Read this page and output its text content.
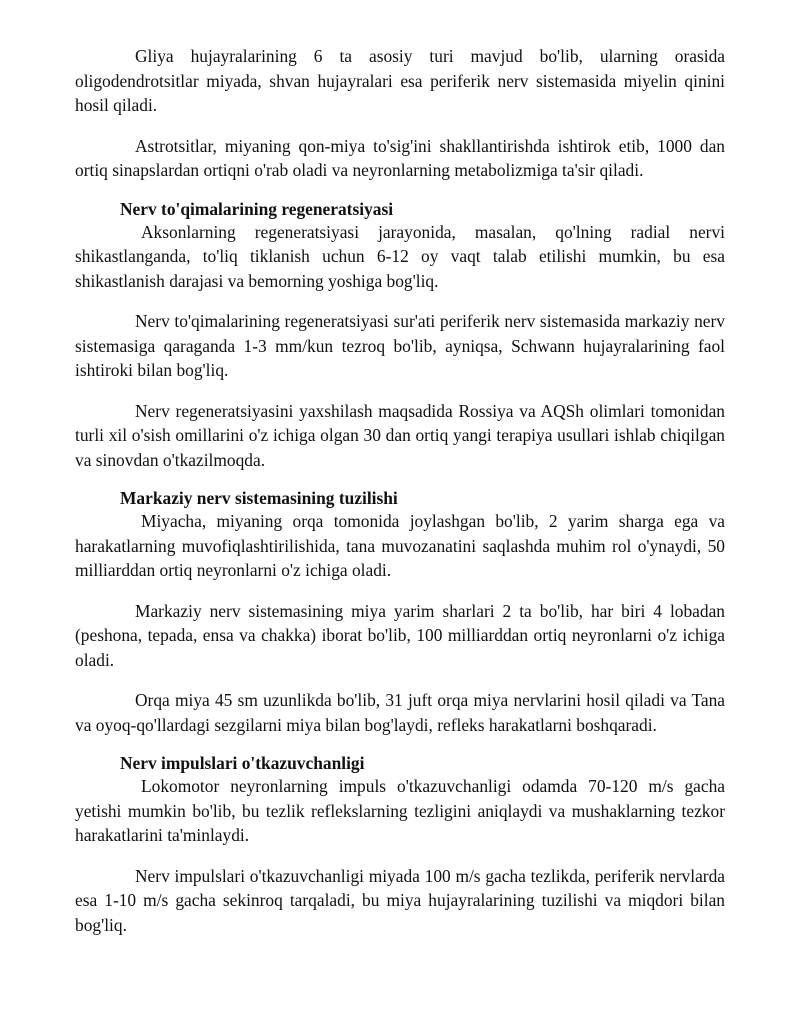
Gliya hujayralarining 6 ta asosiy turi mavjud bo'lib, ularning orasida oligodendrotsitlar miyada, shvan hujayralari esa periferik nerv sistemasida miyelin qinini hosil qiladi.

Astrotsitlar, miyaning qon-miya to'sig'ini shakllantirishda ishtirok etib, 1000 dan ortiq sinapslardan ortiqni o'rab oladi va neyronlarning metabolizmiga ta'sir qiladi.

Nerv to'qimalarining regeneratsiyasi

Aksonlarning regeneratsiyasi jarayonida, masalan, qo'lning radial nervi shikastlanganda, to'liq tiklanish uchun 6-12 oy vaqt talab etilishi mumkin, bu esa shikastlanish darajasi va bemorning yoshiga bog'liq.

Nerv to'qimalarining regeneratsiyasi sur'ati periferik nerv sistemasida markaziy nerv sistemasiga qaraganda 1-3 mm/kun tezroq bo'lib, ayniqsa, Schwann hujayralarining faol ishtiroki bilan bog'liq.

Nerv regeneratsiyasini yaxshilash maqsadida Rossiya va AQSh olimlari tomonidan turli xil o'sish omillarini o'z ichiga olgan 30 dan ortiq yangi terapiya usullari ishlab chiqilgan va sinovdan o'tkazilmoqda.

Markaziy nerv sistemasining tuzilishi

Miyacha, miyaning orqa tomonida joylashgan bo'lib, 2 yarim sharga ega va harakatlarning muvofiqlashtirilishida, tana muvozanatini saqlashda muhim rol o'ynaydi, 50 milliarddan ortiq neyronlarni o'z ichiga oladi.

Markaziy nerv sistemasining miya yarim sharlari 2 ta bo'lib, har biri 4 lobadan (peshona, tepada, ensa va chakka) iborat bo'lib, 100 milliarddan ortiq neyronlarni o'z ichiga oladi.

Orqa miya 45 sm uzunlikda bo'lib, 31 juft orqa miya nervlarini hosil qiladi va Tana va oyoq-qo'llardagi sezgilarni miya bilan bog'laydi, refleks harakatlarni boshqaradi.

Nerv impulslari o'tkazuvchanligi

Lokomotor neyronlarning impuls o'tkazuvchanligi odamda 70-120 m/s gacha yetishi mumkin bo'lib, bu tezlik reflekslarning tezligini aniqlaydi va mushaklarning tezkor harakatlarini ta'minlaydi.

Nerv impulslari o'tkazuvchanligi miyada 100 m/s gacha tezlikda, periferik nervlarda esa 1-10 m/s gacha sekinroq tarqaladi, bu miya hujayralarining tuzilishi va miqdori bilan bog'liq.
